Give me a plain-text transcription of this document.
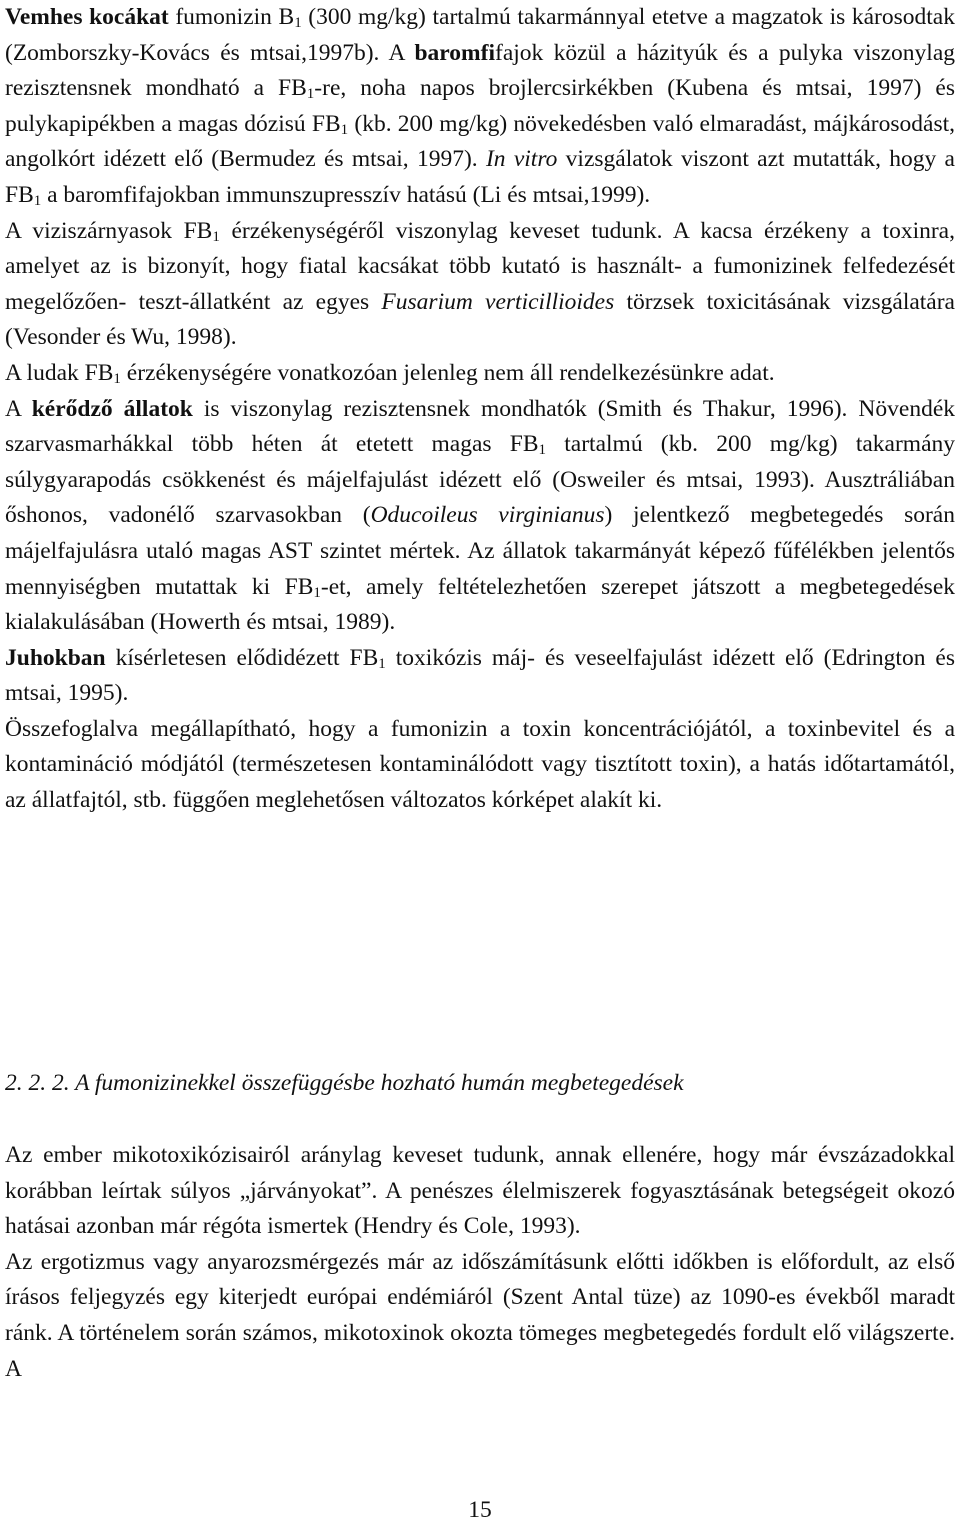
Vemhes kocákat fumonizin $B_1$ (300 mg/kg) tartalmú takarmánnyal etetve a magzatok is károsodtak (Zomborszky-Kovács és mtsai,1997b). A baromfifajok közül a házityúk és a pulyka viszonylag rezisztensnek mondható a $FB_1-re$, noha napos brojlercsirkékben (Kubena és mtsai, 1997) és pulykapipékben a magas dózisú $FB_1$ (kb. 200 mg/kg) növekedésben való elmaradást, májkárosodást, angolkórt idézett elő (Bermudez és mtsai, 1997). In vitro vizsgálatok viszont azt mutatták, hogy a $FB_1$ a baromfifajokban immunszupresszív hatású (Li és mtsai,1999).

A viziszárnyasok $FB_1$ érzékenységéről viszonylag keveset tudunk. A kacsa érzékeny a toxinra, amelyet az is bizonyít, hogy fiatal kacsákat több kutató is használt- a fumonizinek felfedezését megelőzően- teszt-állatként az egyes Fusarium verticillioides törzsek toxicitásának vizsgálatára (Vesonder és Wu, 1998).

A ludak $FB_1$ érzékenységére vonatkozóan jelenleg nem áll rendelkezésünkre adat.

A kérődző állatok is viszonylag rezisztensnek mondhatók (Smith és Thakur, 1996). Növendék szarvasmarhákkal több héten át etetett magas $FB_1$ tartalmú (kb. 200 mg/kg) takarmány súlygyarapodás csökkenést és májelfajulást idézett elő (Osweiler és mtsai, 1993). Ausztráliában őshonos, vadonélő szarvasokban (Oducoileus virginianus) jelentkező megbetegedés során májelfajulásra utaló magas AST szintet mértek. Az állatok takarmányát képező fűfélékben jelentős mennyiségben mutattak ki $FB_1-et$, amely feltételezhetően szerepet játszott a megbetegedések kialakulásában (Howerth és mtsai, 1989).

Juhokban kísérletesen elődidézett $FB_1$ toxikózis máj- és veseelfajulást idézett elő (Edrington és mtsai, 1995).

Összefoglalva megállapítható, hogy a fumonizin a toxin koncentrációjától, a toxinbevitel és a kontamináció módjától (természetesen kontaminálódott vagy tisztított toxin), a hatás időtartamától, az állatfajtól, stb. függően meglehetősen változatos kórképet alakít ki.

2. 2. 2. A fumonizinekkel összefüggésbe hozható humán megbetegedések

Az ember mikotoxikózisairól aránylag keveset tudunk, annak ellenére, hogy már évszázadokkal korábban leírtak súlyos „járványokat”. A penészes élelmiszerek fogyasztásának betegségeit okozó hatásai azonban már régóta ismertek (Hendry és Cole, 1993).

Az ergotizmus vagy anyarozsmérgezés már az időszámításunk előtti időkben is előfordult, az első írásos feljegyzés egy kiterjedt európai endémiáról (Szent Antal tüze) az 1090-es évekből maradt ránk. A történelem során számos, mikotoxinok okozta tömeges megbetegedés fordult elő világszerte. A

15
